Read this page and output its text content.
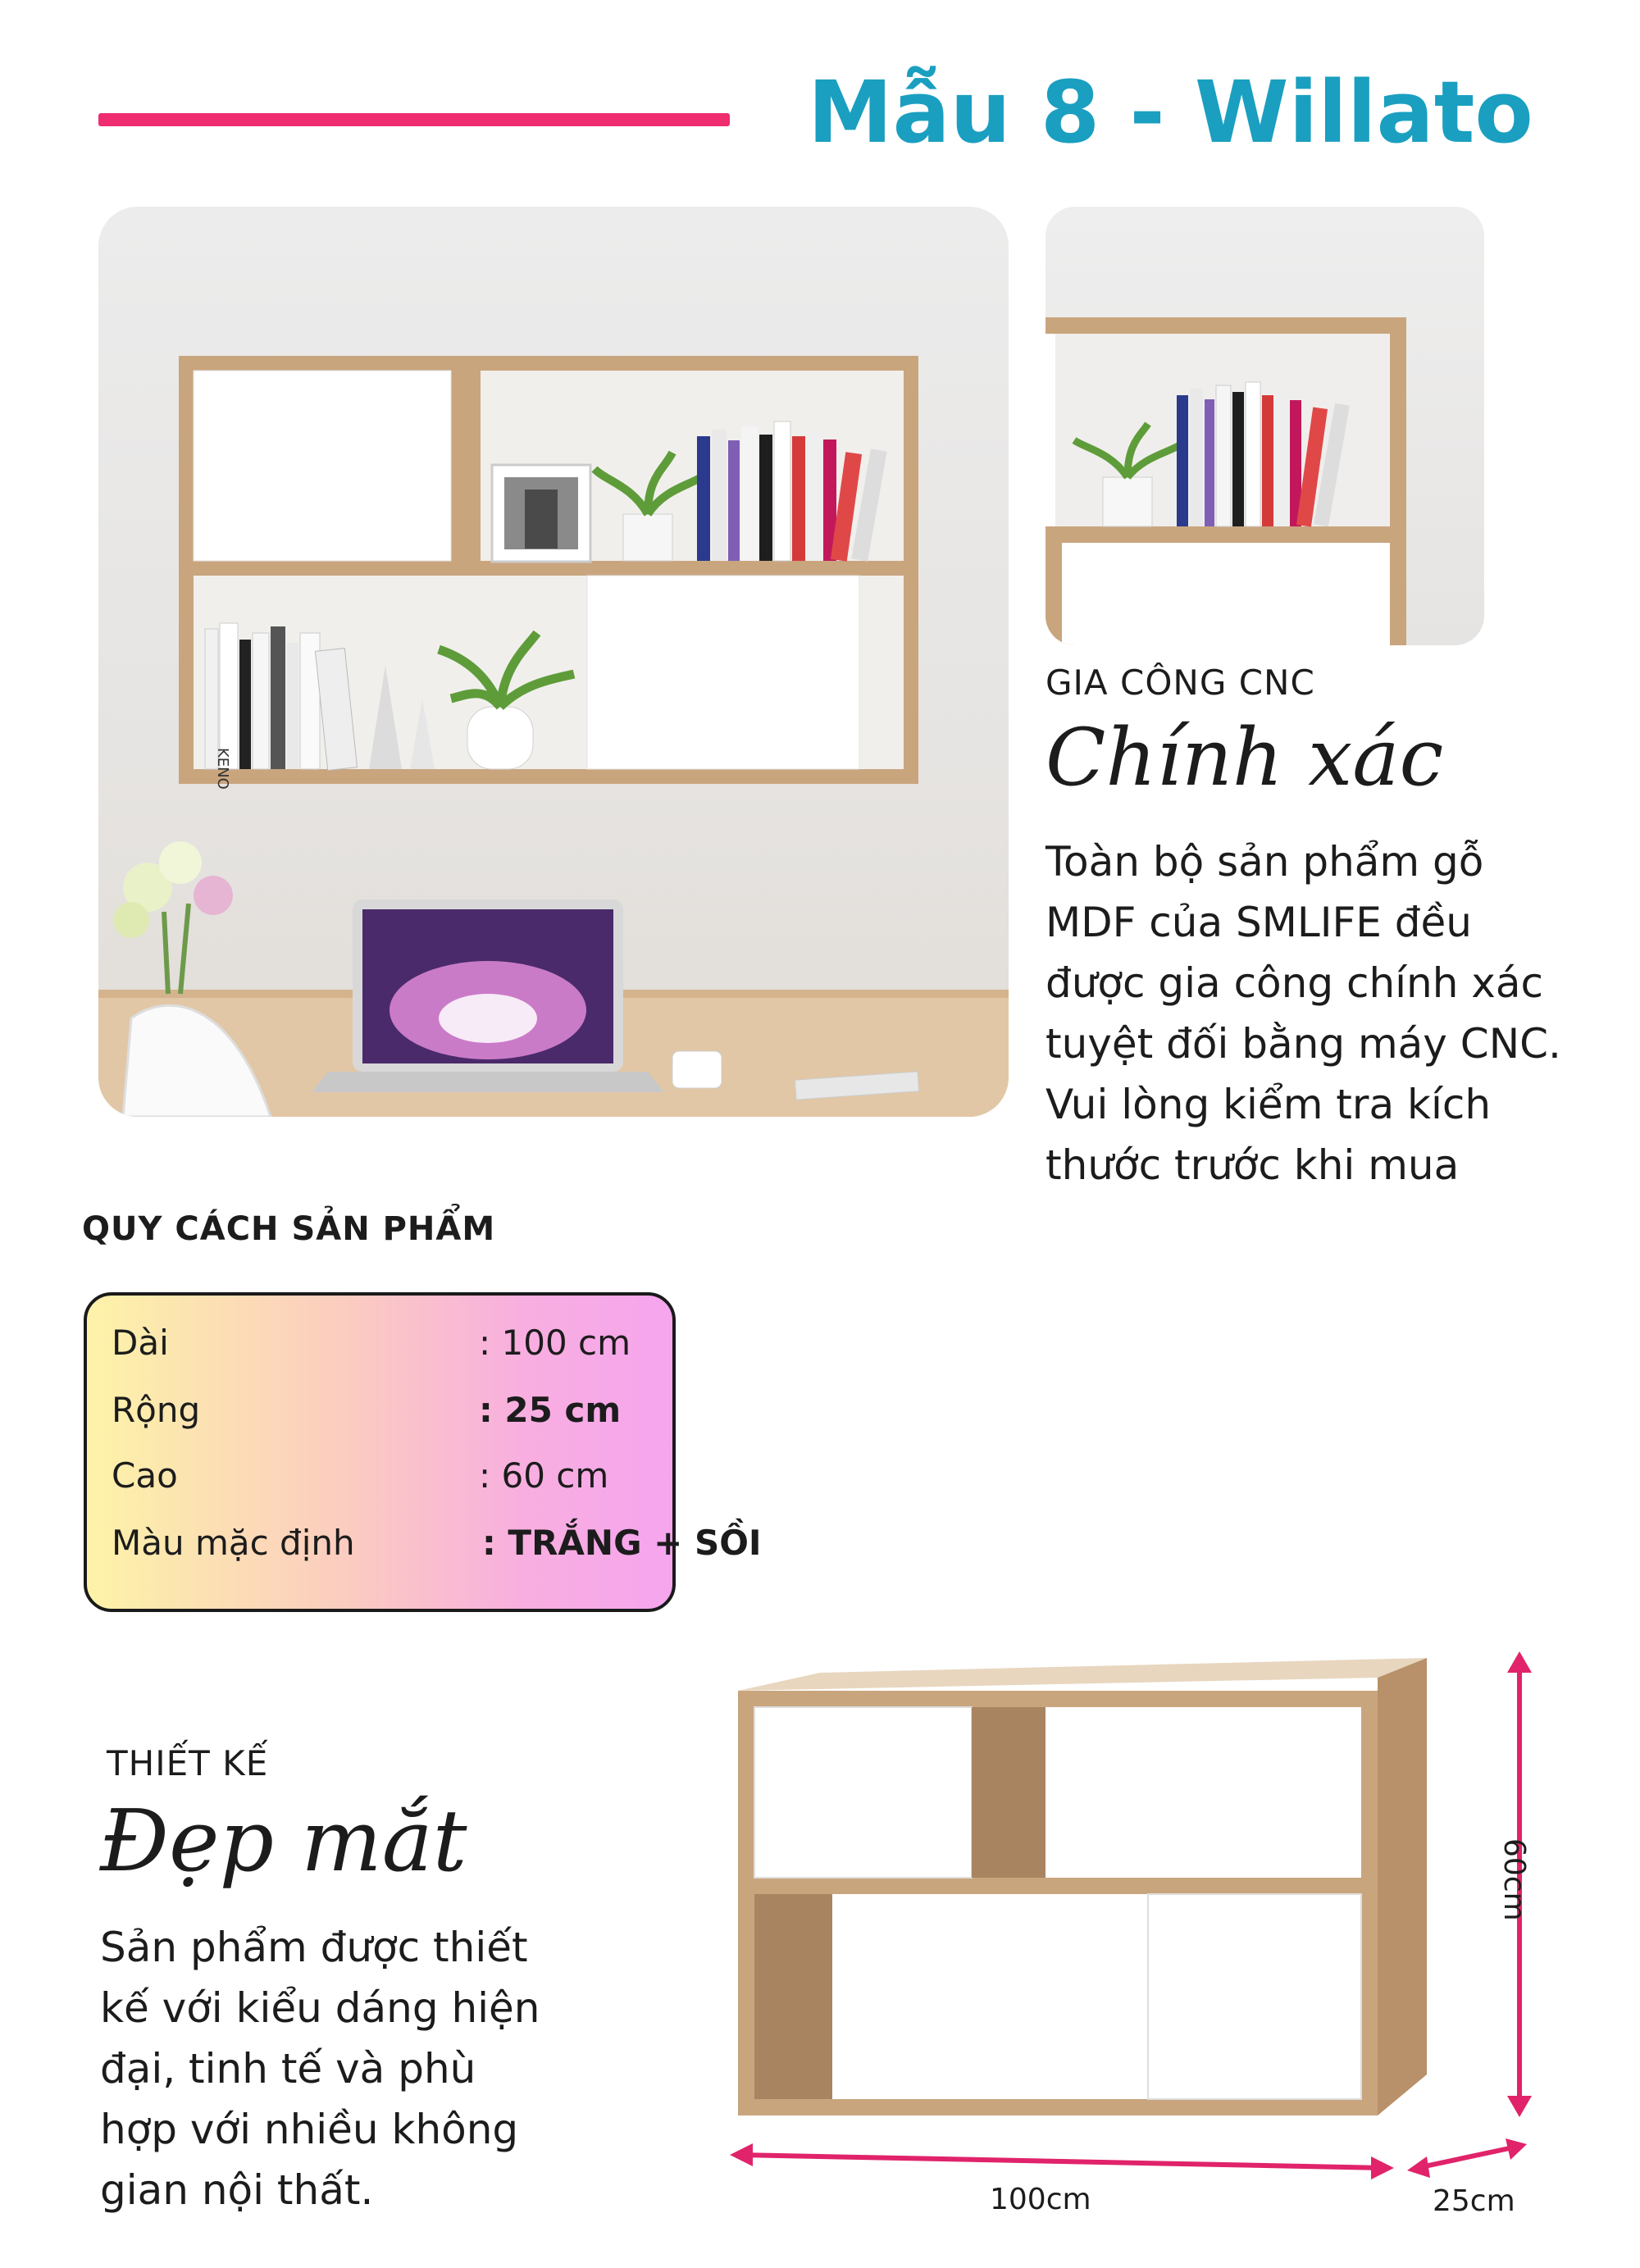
Mẫu 8 - Willato
KENO
GIA CÔNG CNC
Chính xác
Toàn bộ sản phẩm gỗ
MDF của SMLIFE đều
được gia công chính xác
tuyệt đối bằng máy CNC.
Vui lòng kiểm tra kích
thước trước khi mua
QUY CÁCH SẢN PHẨM
Dài	: 100 cm
Rộng	: 25 cm
Cao	: 60 cm
Màu mặc định	: TRẮNG + SỒI
THIẾT KẾ
Đẹp mắt
Sản phẩm được thiết
kế với kiểu dáng hiện
đại, tinh tế và phù
hợp với nhiều không
gian nội thất.	100cm	25cm
60cm
